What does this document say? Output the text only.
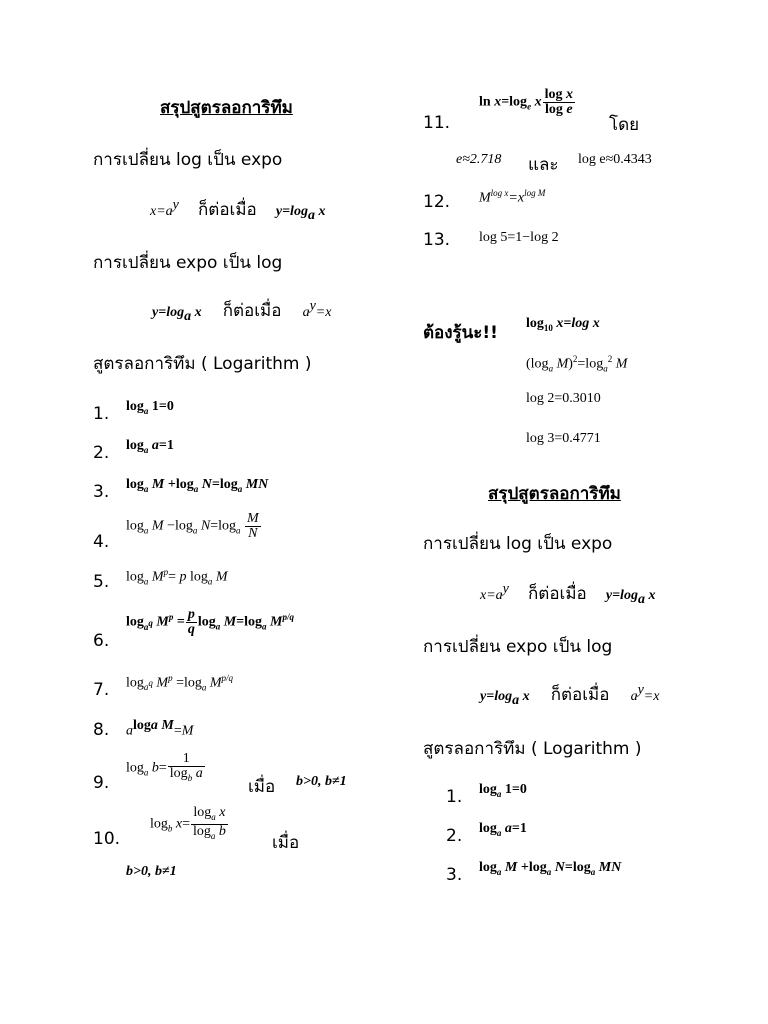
สรุปสูตรลอการิทึม
การเปลี่ยน log เป็น expo
$x=a^y$ ก็ต่อเมื่อ $y=\log_a$ x
การเปลี่ยน expo เป็น log
$y=\log_a$ x ก็ต่อเมื่อ $a^y=x$
สูตรลอการิทึม ( Logarithm )
1.
2.
3.
4.
5.
6.
7.
8.
9.
10.
$\log_a 1=0$
$\log_a a=1$
$\log_a M +\log_a$ $N=\log_a$ MN
$\log_a M -\log_a$ $N=\log_a \frac{M}{N}$
$\log_a M^p= p$ $\log_a M$
$\log_{a^q} M^p = \frac{p}{q} \log_a M=\log_a$ $M^{p/q}$
$\log_{a^q} M^p =\log_a$ $M^{p/q}$
$a^{loga M}=M$
$\log_a b= \frac{1}{\log_b a}$
เมื่อ b>0, b≠1
$\log_b x= \frac{\log_a x}{\log_a b}$
เมื่อ
b>0, b≠1
11.
$\ln x=\log_e$ x $\frac{\text{log x}}{\text{log e}}$
โดย
e≈2.718 และ log e≈0.4343
12. $M^{log x}=x^{log M}$
13. log 5=1−log 2
ต้องรู้นะ!! $\log_{10} x=\log$ x
($\log_a$ $M)^2=\log_a^2$ M
log 2=0.3010
log 3=0.4771
สรุปสูตรลอการิทึม
การเปลี่ยน log เป็น expo
$x=a^y$ ก็ต่อเมื่อ $y=\log_a$ x
การเปลี่ยน expo เป็น log
$y=\log_a$ x ก็ต่อเมื่อ $a^y=x$
สูตรลอการิทึม ( Logarithm )
1.
2.
3.
$\log_a 1=0$
$\log_a a=1$
$\log_a M +\log_a$ $N=\log_a$ MN
